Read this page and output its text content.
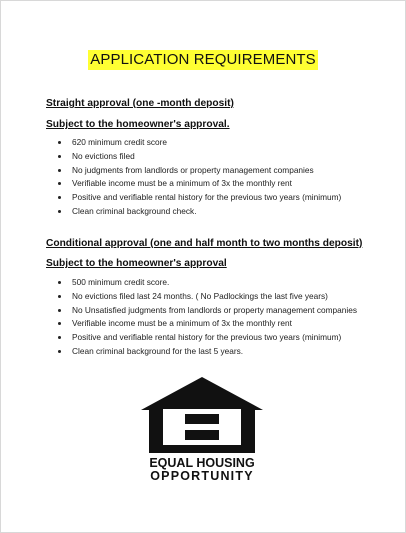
APPLICATION REQUIREMENTS
Straight approval (one -month deposit)
Subject to the homeowner's approval.
• 620 minimum credit score
• No evictions filed
• No judgments from landlords or property management companies
• Verifiable income must be a minimum of 3x the monthly rent
• Positive and verifiable rental history for the previous two years (minimum)
• Clean criminal background check.
Conditional approval (one and half month to two months deposit)
Subject to the homeowner's approval
• 500 minimum credit score.
• No evictions filed last 24 months. ( No Padlockings the last five years)
• No Unsatisfied judgments from landlords or property management companies
• Verifiable income must be a minimum of 3x the monthly rent
• Positive and verifiable rental history for the previous two years (minimum)
• Clean criminal background for the last 5 years.
EQUAL HOUSING
OPPORTUNITY
